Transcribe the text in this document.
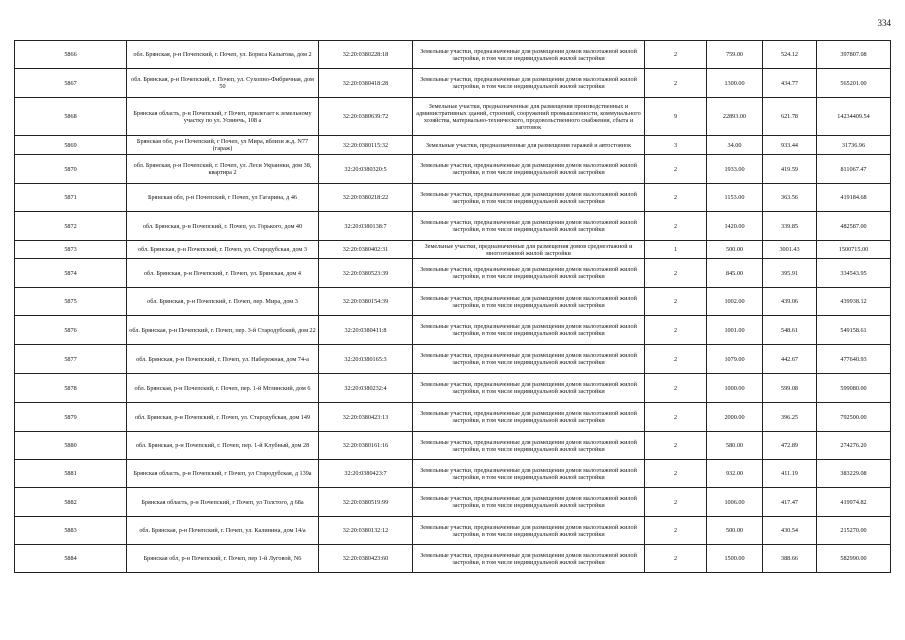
334
5866	обл. Брянская, р-н Почепский, г. Почеп, ул. Бориса Калыгова, дом 2	32:20:0380228:18	Земельные участки, предназначенные для размещения домов малоэтажной жилой застройки, в том числе индивидуальной жилой застройки	2	759.00	524.12	397807.08
5867	обл. Брянская, р-н Почепский, г. Почеп, ул. Сухопно-Фибричная, дом 50	32:20:0380418:28	Земельные участки, предназначенные для размещения домов малоэтажной жилой застройки, в том числе индивидуальной жилой застройки	2	1300.00	434.77	565201.00
5868	Брянская область, р-н Почепский, г Почеп, прилегает к земельному участку по ул. Усвинчь, 108 а	32:20:0380639:72	Земельные участки, предназначенные для размещения производственных и административных зданий, строений, сооружений промышленности, коммунального хозяйства, материально-технического, продовольственного снабжения, сбыта и заготовок	9	22893.00	621.78	14234409.54
5869	Брянская обл, р-н Почепский, г Почеп, ул Мира, вблизи ж.д. N77 (гараж)	32:20:0380115:32	Земельные участки, предназначенные для размещения гаражей и автостоянок	3	34.00	933.44	31736.96
5870	обл. Брянская, р-н Почепский, г. Почеп, ул. Леси Украинки, дом 38, квартира 2	32:20:0380320:5	Земельные участки, предназначенные для размещения домов малоэтажной жилой застройки, в том числе индивидуальной жилой застройки	2	1933.00	419.59	811067.47
5871	Брянская обл, р-н Почепский, г Почеп, ул Гагарина, д 46	32:20:0380218:22	Земельные участки, предназначенные для размещения домов малоэтажной жилой застройки, в том числе индивидуальной жилой застройки	2	1153.00	363.56	419184.68
5872	обл. Брянская, р-н Почепский, г. Почеп, ул. Горького, дом 40	32:20:0380138:7	Земельные участки, предназначенные для размещения домов малоэтажной жилой застройки, в том числе индивидуальной жилой застройки	2	1420.00	339.85	482587.00
5873	обл. Брянская, р-н Почепский, г. Почеп, ул. Стародубская, дом 3	32:20:0380402:31	Земельные участки, предназначенные для размещения домов среднеэтажной и многоэтажной жилой застройки	1	500.00	3001.43	1500715.00
5874	обл. Брянская, р-н Почепский, г. Почеп, ул. Брянская, дом 4	32:20:0380523:39	Земельные участки, предназначенные для размещения домов малоэтажной жилой застройки, в том числе индивидуальной жилой застройки	2	845.00	395.91	334543.95
5875	обл. Брянская, р-н Почепский, г. Почеп, пер. Мира, дом 3	32:20:0380154:39	Земельные участки, предназначенные для размещения домов малоэтажной жилой застройки, в том числе индивидуальной жилой застройки	2	1002.00	439.06	439938.12
5876	обл. Брянская, р-н Почепский, г. Почеп, пер. 3-й Стародубский, дом 22	32:20:0380411:8	Земельные участки, предназначенные для размещения домов малоэтажной жилой застройки, в том числе индивидуальной жилой застройки	2	1001.00	548.61	549158.61
5877	обл. Брянская, р-н Почепский, г. Почеп, ул. Набережная, дом 74-а	32:20:0380165:3	Земельные участки, предназначенные для размещения домов малоэтажной жилой застройки, в том числе индивидуальной жилой застройки	2	1079.00	442.67	477640.93
5878	обл. Брянская, р-н Почепский, г. Почеп, пер. 1-й Мглинский, дом 6	32:20:0380232:4	Земельные участки, предназначенные для размещения домов малоэтажной жилой застройки, в том числе индивидуальной жилой застройки	2	1000.00	599.08	599080.00
5879	обл. Брянская, р-н Почепский, г. Почеп, ул. Стародубская, дом 149	32:20:0380423:13	Земельные участки, предназначенные для размещения домов малоэтажной жилой застройки, в том числе индивидуальной жилой застройки	2	2000.00	396.25	792500.00
5880	обл. Брянская, р-н Почепский, г. Почеп, пер. 1-й Клубный, дом 28	32:20:0380161:16	Земельные участки, предназначенные для размещения домов малоэтажной жилой застройки, в том числе индивидуальной жилой застройки	2	580.00	472.89	274276.20
5881	Брянская область, р-н Почепский, г Почеп, ул Стародубская, д 139а	32:20:0380423:7	Земельные участки, предназначенные для размещения домов малоэтажной жилой застройки, в том числе индивидуальной жилой застройки	2	932.00	411.19	383229.08
5882	Брянская область, р-н Почепский, г Почеп, ул Толстого, д 68а	32:20:0380519:99	Земельные участки, предназначенные для размещения домов малоэтажной жилой застройки, в том числе индивидуальной жилой застройки	2	1006.00	417.47	419974.82
5883	обл. Брянская, р-н Почепский, г. Почеп, ул. Калинина, дом 14/а	32:20:0380132:12	Земельные участки, предназначенные для размещения домов малоэтажной жилой застройки, в том числе индивидуальной жилой застройки	2	500.00	430.54	215270.00
5884	Брянская обл, р-н Почепский, г. Почеп, пер 1-й Луговой, N6	32:20:0380423:60	Земельные участки, предназначенные для размещения домов малоэтажной жилой застройки, в том числе индивидуальной жилой застройки	2	1500.00	388.66	582990.00
